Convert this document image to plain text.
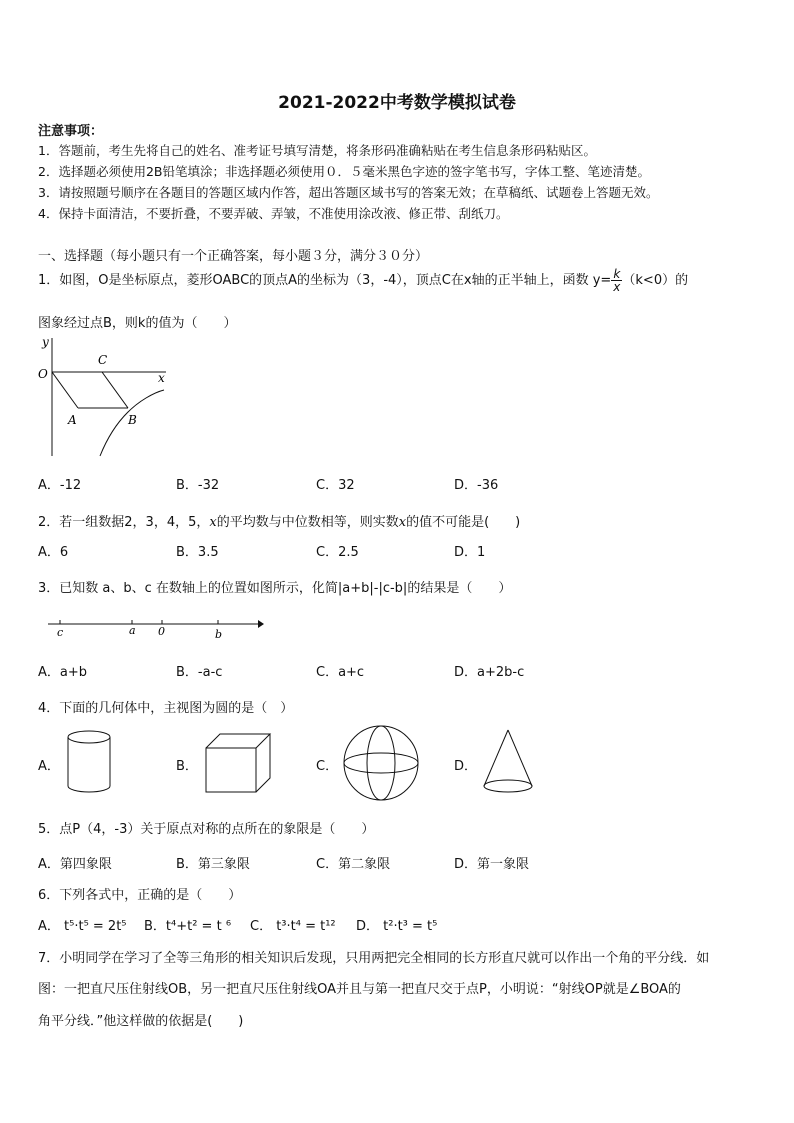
2021-2022中考数学模拟试卷
注意事项：
1．答题前，考生先将自己的姓名、准考证号填写清楚，将条形码准确粘贴在考生信息条形码粘贴区。
2．选择题必须使用2B铅笔填涂；非选择题必须使用０．５毫米黑色字迹的签字笔书写，字体工整、笔迹清楚。
3．请按照题号顺序在各题目的答题区域内作答，超出答题区域书写的答案无效；在草稿纸、试题卷上答题无效。
4．保持卡面清洁，不要折叠，不要弄破、弄皱，不准使用涂改液、修正带、刮纸刀。
一、选择题（每小题只有一个正确答案，每小题３分，满分３０分）
1．如图，O是坐标原点，菱形OABC的顶点A的坐标为（3，-4），顶点C在x轴的正半轴上，函数 $y= \frac{k}{x} (k<0)$的
图象经过点B，则k的值为（　　）
y
O
C
x
A	B
A．-12	B．-32	C．32	D．-36
2．若一组数据2，3，4，5，x的平均数与中位数相等，则实数x的值不可能是(　　)
A．6	B．3.5	C．2.5	D．1
3．已知数 a、b、c 在数轴上的位置如图所示，化简|a+b|-|c-b|的结果是（　　）
c	a 0	b
A．a+b	B．-a-c	C．a+c	D．a+2b-c
4．下面的几何体中，主视图为圆的是（　）
A．	B．	C．	D．
5．点P（4，-3）关于原点对称的点所在的象限是（　　）
A．第四象限	B．第三象限	C．第二象限	D．第一象限
6．下列各式中，正确的是（　　）
A． t⁵·t⁵ = 2t⁵ B．t⁴+t² = t ⁶ C． t³·t⁴ = t¹² D． t²·t³ = t⁵
7．小明同学在学习了全等三角形的相关知识后发现，只用两把完全相同的长方形直尺就可以作出一个角的平分线．如
图：一把直尺压住射线OB，另一把直尺压住射线OA并且与第一把直尺交于点P，小明说：“射线OP就是∠BOA的
角平分线．”他这样做的依据是(　　)
